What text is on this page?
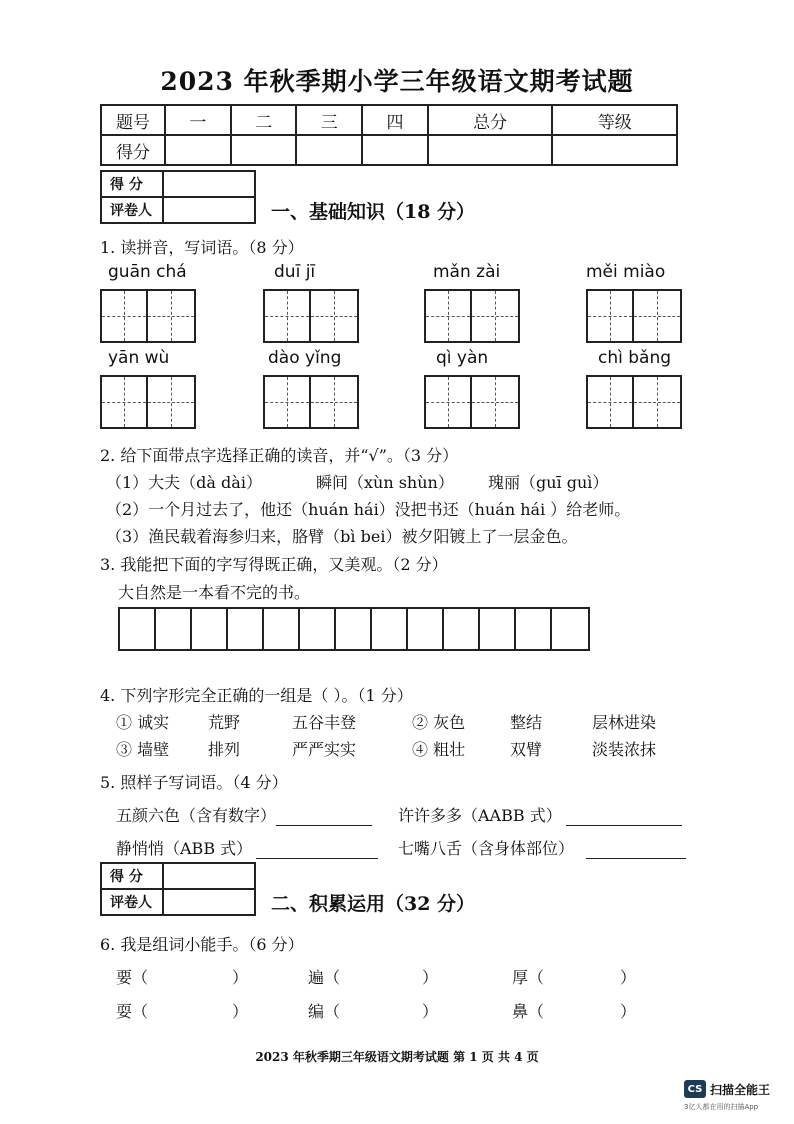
2023 年秋季期小学三年级语文期考试题
题号	一	二	三	四	总分	等级
得分						
得 分	
评卷人		一、基础知识（18 分）
1. 读拼音，写词语。（8 分）
guān chá	duī jī	mǎn zài	měi miào
yān wù	dào yǐng	qì yàn	chì bǎng
2. 给下面带点字选择正确的读音，并“√”。（3 分）
（1）大夫（dà dài）	瞬间（xùn shùn） 瑰丽（guī guì）
（2）一个月过去了，他还（huán hái）没把书还（huán hái ）给老师。
（3）渔民载着海参归来，胳臂（bì bei）被夕阳镀上了一层金色。
3. 我能把下面的字写得既正确，又美观。（2 分）
大自然是一本看不完的书。
4. 下列字形完全正确的一组是（ ）。（1 分）
① 诚实 荒野	五谷丰登	② 灰色	整结	层林进染
③ 墙壁 排列	严严实实	④ 粗壮	双臂	淡装浓抹
5. 照样子写词语。（4 分）
五颜六色（含有数字）	许许多多（AABB 式）
静悄悄（ABB 式）	七嘴八舌（含身体部位）
得 分	
评卷人		二、积累运用（32 分）
6. 我是组词小能手。（6 分）
要（	）	遍（	）	厚（	）
耍（	）	编（	）	鼻（	）
2023 年秋季期三年级语文期考试题 第 1 页 共 4 页
CS 扫描全能王
3亿人都在用的扫描App
